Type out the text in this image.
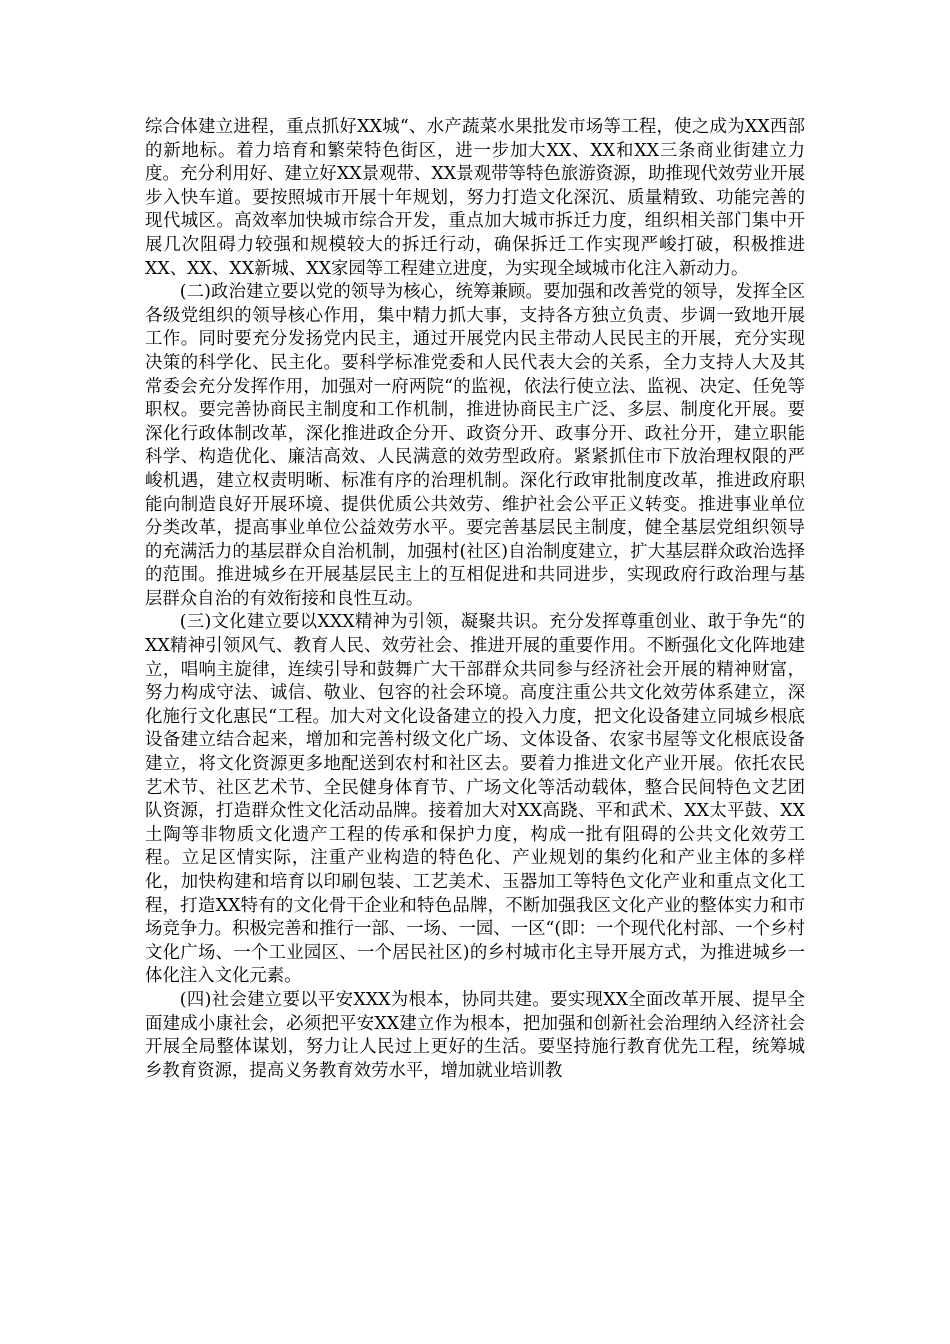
综合体建立进程，重点抓好XX城“、水产蔬菜水果批发市场等工程，使之成为XX西部的新地标。着力培育和繁荣特色街区，进一步加大XX、XX和XX三条商业街建立力度。充分利用好、建立好XX景观带、XX景观带等特色旅游资源，助推现代效劳业开展步入快车道。要按照城市开展十年规划，努力打造文化深沉、质量精致、功能完善的现代城区。高效率加快城市综合开发，重点加大城市拆迁力度，组织相关部门集中开展几次阻碍力较强和规模较大的拆迁行动，确保拆迁工作实现严峻打破，积极推进 XX、XX、XX新城、XX家园等工程建立进度，为实现全域城市化注入新动力。

(二)政治建立要以党的领导为核心，统筹兼顾。要加强和改善党的领导，发挥全区各级党组织的领导核心作用，集中精力抓大事，支持各方独立负责、步调一致地开展工作。同时要充分发扬党内民主，通过开展党内民主带动人民民主的开展，充分实现决策的科学化、民主化。要科学标准党委和人民代表大会的关系，全力支持人大及其常委会充分发挥作用，加强对一府两院“的监视，依法行使立法、监视、决定、任免等职权。要完善协商民主制度和工作机制，推进协商民主广泛、多层、制度化开展。要深化行政体制改革，深化推进政企分开、政资分开、政事分开、政社分开，建立职能科学、构造优化、廉洁高效、人民满意的效劳型政府。紧紧抓住市下放治理权限的严峻机遇，建立权责明晰、标准有序的治理机制。深化行政审批制度改革，推进政府职能向制造良好开展环境、提供优质公共效劳、维护社会公平正义转变。推进事业单位分类改革，提高事业单位公益效劳水平。要完善基层民主制度，健全基层党组织领导的充满活力的基层群众自治机制，加强村(社区)自治制度建立，扩大基层群众政治选择的范围。推进城乡在开展基层民主上的互相促进和共同进步，实现政府行政治理与基层群众自治的有效衔接和良性互动。

(三)文化建立要以XXX精神为引领，凝聚共识。充分发挥尊重创业、敢于争先“的XX精神引领风气、教育人民、效劳社会、推进开展的重要作用。不断强化文化阵地建立，唱响主旋律，连续引导和鼓舞广大干部群众共同参与经济社会开展的精神财富，努力构成守法、诚信、敬业、包容的社会环境。高度注重公共文化效劳体系建立，深化施行文化惠民“工程。加大对文化设备建立的投入力度，把文化设备建立同城乡根底设备建立结合起来，增加和完善村级文化广场、文体设备、农家书屋等文化根底设备建立，将文化资源更多地配送到农村和社区去。要着力推进文化产业开展。依托农民艺术节、社区艺术节、全民健身体育节、广场文化等活动载体，整合民间特色文艺团队资源，打造群众性文化活动品牌。接着加大对XX高跷、平和武术、XX太平鼓、XX土陶等非物质文化遗产工程的传承和保护力度，构成一批有阻碍的公共文化效劳工程。立足区情实际，注重产业构造的特色化、产业规划的集约化和产业主体的多样化，加快构建和培育以印刷包装、工艺美术、玉器加工等特色文化产业和重点文化工程，打造XX特有的文化骨干企业和特色品牌，不断加强我区文化产业的整体实力和市场竞争力。积极完善和推行一部、一场、一园、一区“(即：一个现代化村部、一个乡村文化广场、一个工业园区、一个居民社区)的乡村城市化主导开展方式，为推进城乡一体化注入文化元素。

(四)社会建立要以平安XXX为根本，协同共建。要实现XX全面改革开展、提早全面建成小康社会，必须把平安XX建立作为根本，把加强和创新社会治理纳入经济社会开展全局整体谋划，努力让人民过上更好的生活。要坚持施行教育优先工程，统筹城乡教育资源，提高义务教育效劳水平，增加就业培训教
